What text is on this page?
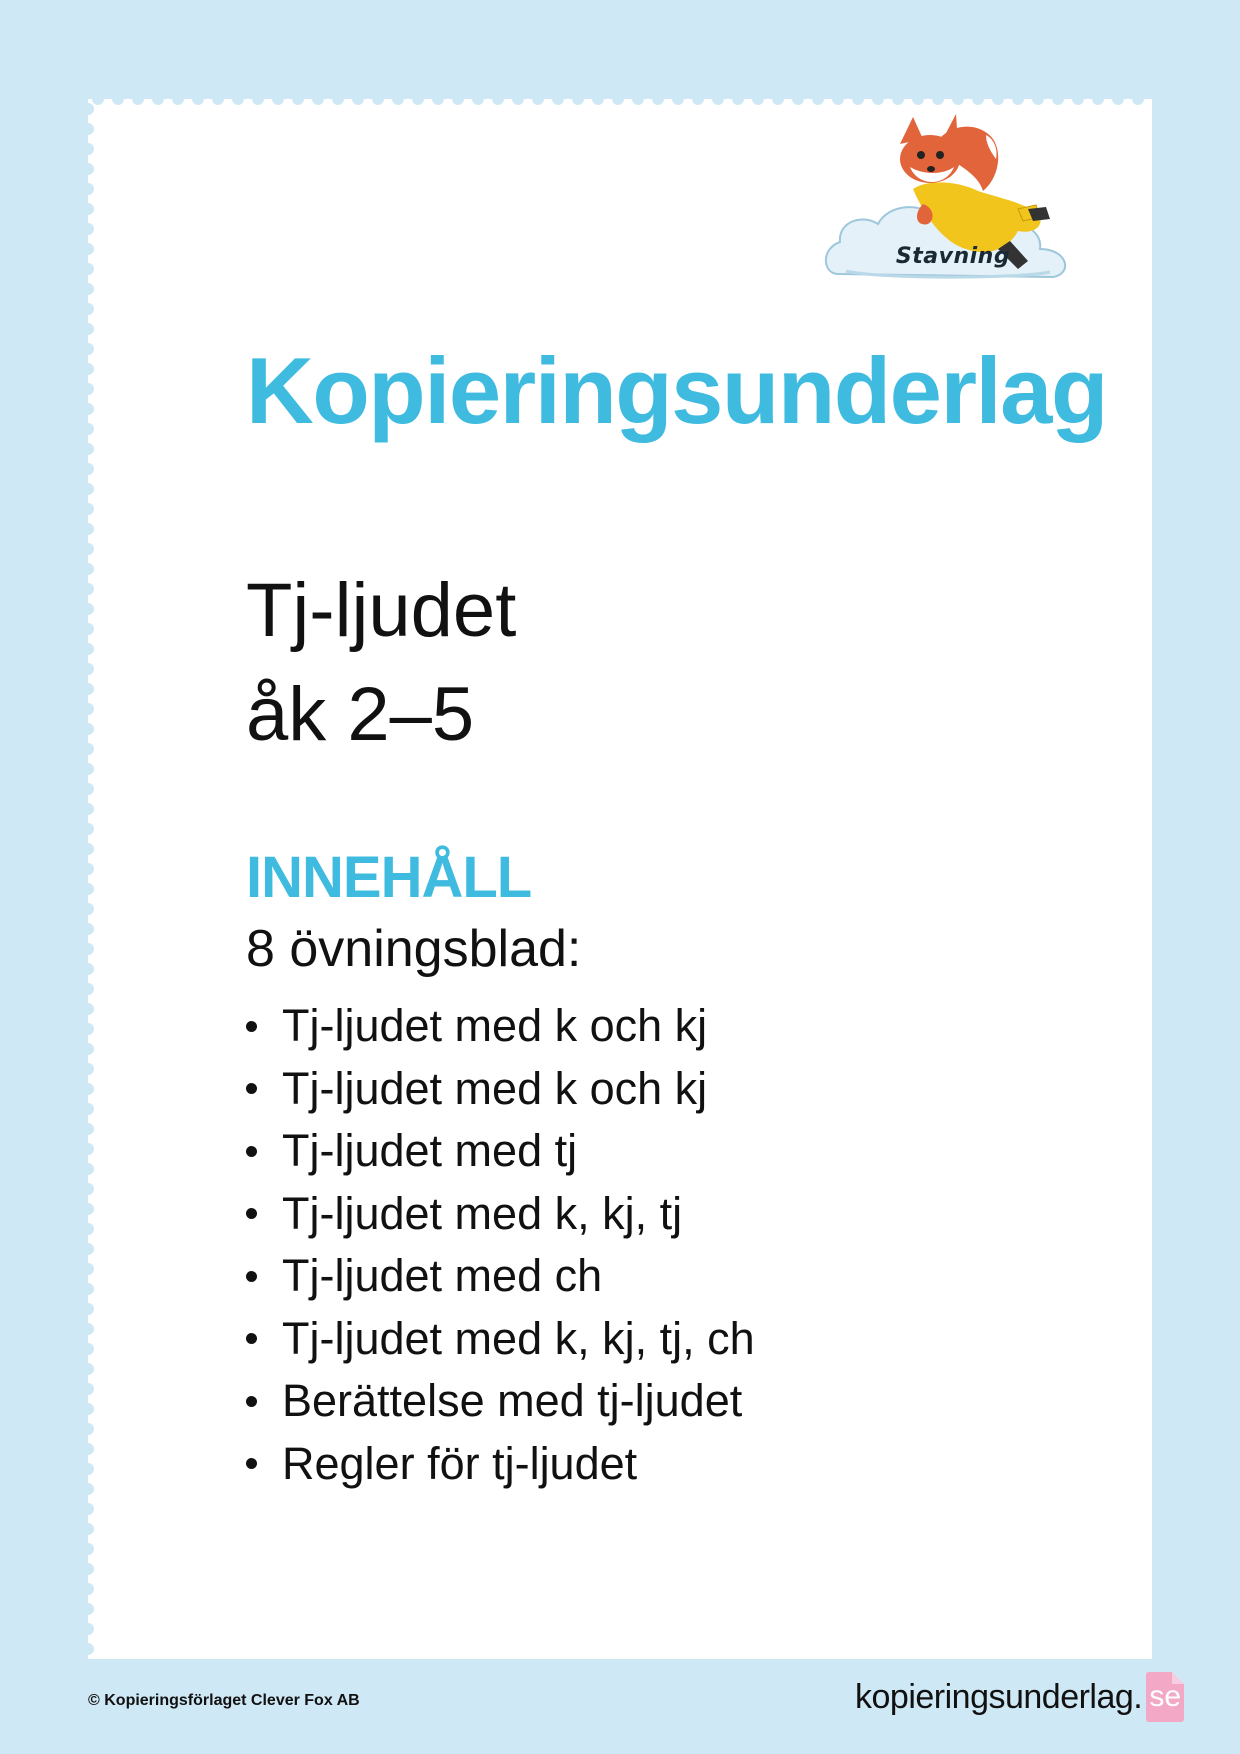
Stavning
Kopieringsunderlag
Tj-ljudet
åk 2–5
INNEHÅLL
8 övningsblad:
Tj-ljudet med k och kj
Tj-ljudet med k och kj
Tj-ljudet med tj
Tj-ljudet med k, kj, tj
Tj-ljudet med ch
Tj-ljudet med k, kj, tj, ch
Berättelse med tj-ljudet
Regler för tj-ljudet
© Kopieringsförlaget Clever Fox AB	kopieringsunderlag. se
